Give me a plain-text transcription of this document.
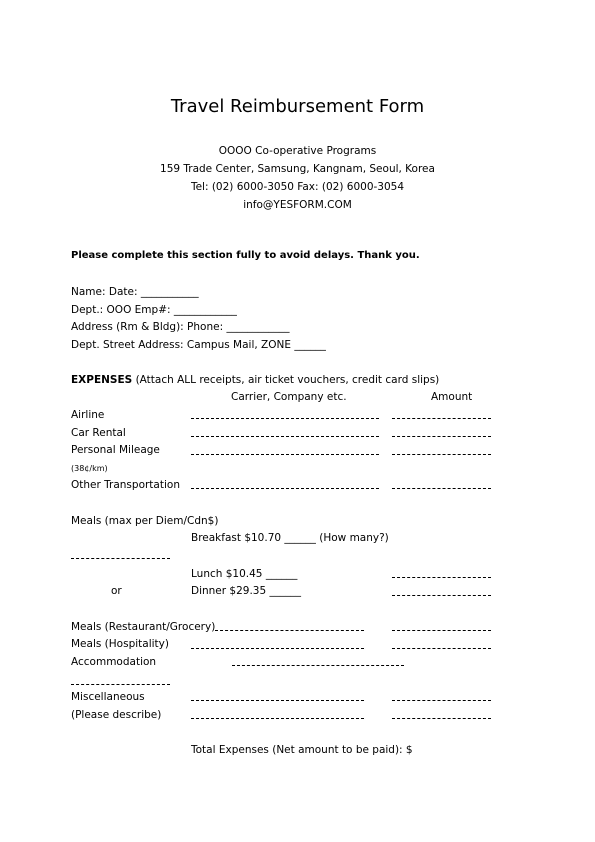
Travel Reimbursement Form
OOOO Co-operative Programs
159 Trade Center, Samsung, Kangnam, Seoul, Korea
Tel: (02) 6000-3050 Fax: (02) 6000-3054
info@YESFORM.COM
Please complete this section fully to avoid delays. Thank you.
Name: Date: ___________
Dept.: OOO Emp#: ____________
Address (Rm & Bldg): Phone: ____________
Dept. Street Address: Campus Mail, ZONE ______
EXPENSES (Attach ALL receipts, air ticket vouchers, credit card slips)
Carrier, Company etc.	Amount
Airline
Car Rental
Personal Mileage
(38¢/km)
Other Transportation
Meals (max per Diem/Cdn$)
Breakfast $10.70 ______ (How many?)
Lunch $10.45 ______
or	Dinner $29.35 ______
Meals (Restaurant/Grocery)
Meals (Hospitality)
Accommodation
Miscellaneous
(Please describe)
Total Expenses (Net amount to be paid): $
